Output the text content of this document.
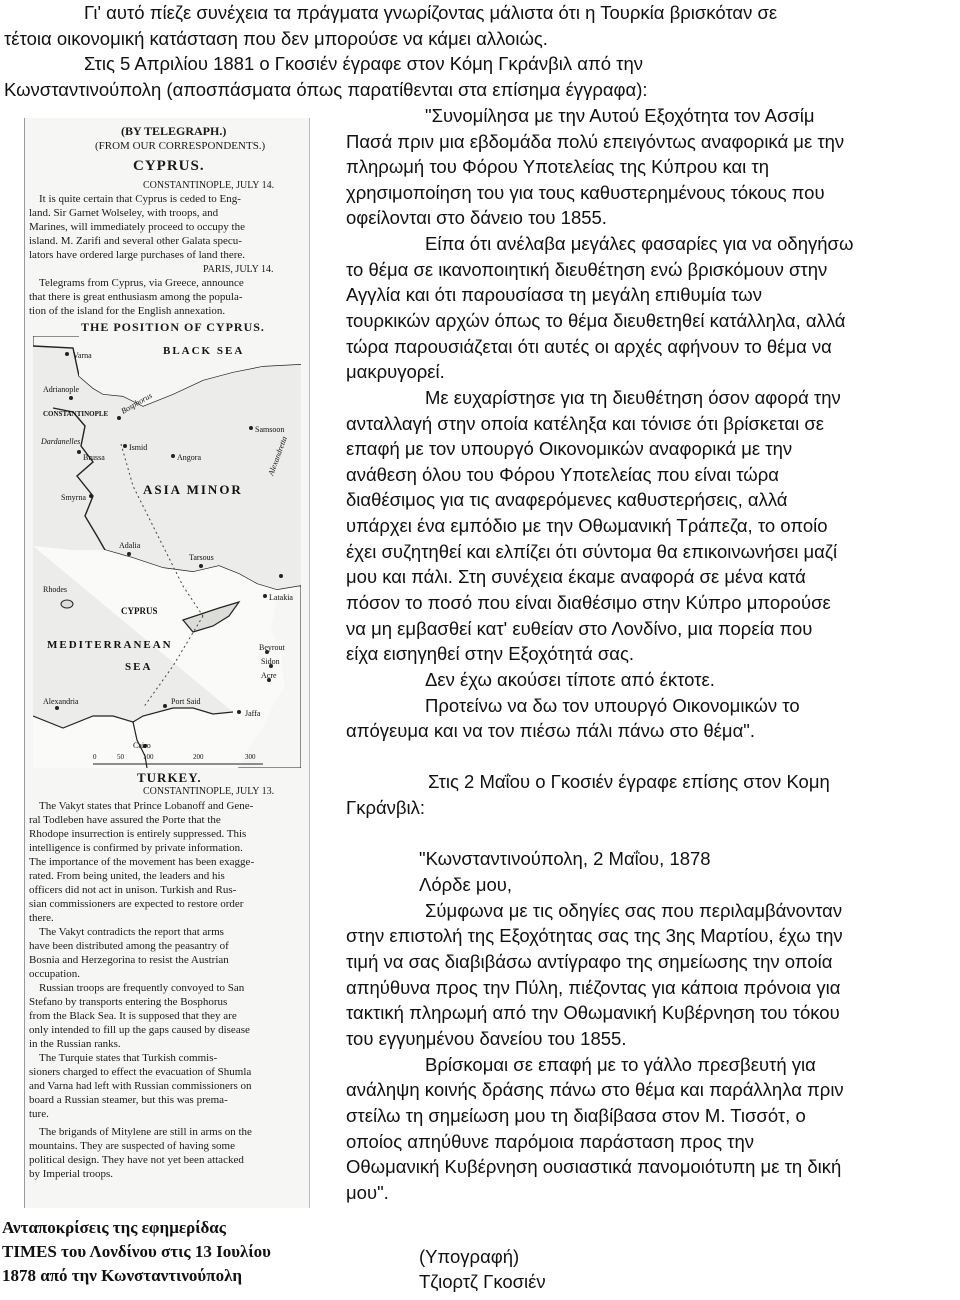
Γι' αυτό πίεζε συνέχεια τα πράγματα γνωρίζοντας μάλιστα ότι η Τουρκία βρισκόταν σε
τέτοια οικονομική κατάσταση που δεν μπορούσε να κάμει αλλοιώς.
Στις 5 Απριλίου 1881 ο Γκοσιέν έγραφε στον Κόμη Γκράνβιλ από την
Κωνσταντινούπολη (αποσπάσματα όπως παρατίθενται στα επίσημα έγγραφα):
"Συνομίλησα με την Αυτού Εξοχότητα τον Ασσίμ
Πασά πριν μια εβδομάδα πολύ επειγόντως αναφορικά με την
πληρωμή του Φόρου Υποτελείας της Κύπρου και τη
χρησιμοποίηση του για τους καθυστερημένους τόκους που
οφείλονται στο δάνειο του 1855.
Είπα ότι ανέλαβα μεγάλες φασαρίες για να οδηγήσω
το θέμα σε ικανοποιητική διευθέτηση ενώ βρισκόμουν στην
Αγγλία και ότι παρουσίασα τη μεγάλη επιθυμία των
τουρκικών αρχών όπως το θέμα διευθετηθεί κατάλληλα, αλλά
τώρα παρουσιάζεται ότι αυτές οι αρχές αφήνουν το θέμα να
μακρυγορεί.
Με ευχαρίστησε για τη διευθέτηση όσον αφορά την
ανταλλαγή στην οποία κατέληξα και τόνισε ότι βρίσκεται σε
επαφή με τον υπουργό Οικονομικών αναφορικά με την
ανάθεση όλου του Φόρου Υποτελείας που είναι τώρα
διαθέσιμος για τις αναφερόμενες καθυστερήσεις, αλλά
υπάρχει ένα εμπόδιο με την Οθωμανική Τράπεζα, το οποίο
έχει συζητηθεί και ελπίζει ότι σύντομα θα επικοινωνήσει μαζί
μου και πάλι. Στη συνέχεια έκαμε αναφορά σε μένα κατά
πόσον το ποσό που είναι διαθέσιμο στην Κύπρο μπορούσε
να μη εμβασθεί κατ' ευθείαν στο Λονδίνο, μια πορεία που
είχα εισηγηθεί στην Εξοχότητά σας.
Δεν έχω ακούσει τίποτε από έκτοτε.
Προτείνω να δω τον υπουργό Οικονομικών το
απόγευμα και να τον πιέσω πάλι πάνω στο θέμα".
Στις 2 Μαΐου ο Γκοσιέν έγραφε επίσης στον Κομη
Γκράνβιλ:
"Κωνσταντινούπολη, 2 Μαΐου, 1878
Λόρδε μου,
Σύμφωνα με τις οδηγίες σας που περιλαμβάνονταν
στην επιστολή της Εξοχότητας σας της 3ης Μαρτίου, έχω την
τιμή να σας διαβιβάσω αντίγραφο της σημείωσης την οποία
απηύθυνα προς την Πύλη, πιέζοντας για κάποια πρόνοια για
τακτική πληρωμή από την Οθωμανική Κυβέρνηση του τόκου
του εγγυημένου δανείου του 1855.
Βρίσκομαι σε επαφή με το γάλλο πρεσβευτή για
ανάληψη κοινής δράσης πάνω στο θέμα και παράλληλα πριν
στείλω τη σημείωση μου τη διαβίβασα στον Μ. Τισσότ, ο
οποίος απηύθυνε παρόμοια παράσταση προς την
Οθωμανική Κυβέρνηση ουσιαστικά πανομοιότυπη με τη δική
μου".
(Υπογραφή)
Τζιορτζ Γκοσιέν
(BY TELEGRAPH.)
(FROM OUR CORRESPONDENTS.)
CYPRUS.
CONSTANTINOPLE, JULY 14.
It is quite certain that Cyprus is ceded to Eng-
land. Sir Garnet Wolseley, with troops, and
Marines, will immediately proceed to occupy the
island. M. Zarifi and several other Galata specu-
lators have ordered large purchases of land there.
PARIS, JULY 14.
Telegrams from Cyprus, via Greece, announce
that there is great enthusiasm among the popula-
tion of the island for the English annexation.
THE POSITION OF CYPRUS.
Varna	BLACK SEA
Adrianople
CONSTANTINOPLE Bosphorus
Samsoon
Ismid
Brussa	Angora
Dardanelles
Smyrna
ASIA MINOR
Adalia
Tarsous
Rhodes
CYPRUS
Latakia
MEDITERRANEAN
SEA
Beyrout
Sidon
Acre
Alexandria	Port Said
Jaffa
Cairo
Alexandretta
0	50	100	200	300
TURKEY.
CONSTANTINOPLE, JULY 13.
The Vakyt states that Prince Lobanoff and Gene-
ral Todleben have assured the Porte that the
Rhodope insurrection is entirely suppressed. This
intelligence is confirmed by private information.
The importance of the movement has been exagge-
rated. From being united, the leaders and his
officers did not act in unison. Turkish and Rus-
sian commissioners are expected to restore order
there.
The Vakyt contradicts the report that arms
have been distributed among the peasantry of
Bosnia and Herzegorina to resist the Austrian
occupation.
Russian troops are frequently convoyed to San
Stefano by transports entering the Bosphorus
from the Black Sea. It is supposed that they are
only intended to fill up the gaps caused by disease
in the Russian ranks.
The Turquie states that Turkish commis-
sioners charged to effect the evacuation of Shumla
and Varna had left with Russian commissioners on
board a Russian steamer, but this was prema-
ture.
The brigands of Mitylene are still in arms on the
mountains. They are suspected of having some
political design. They have not yet been attacked
by Imperial troops.
Ανταποκρίσεις της εφημερίδας
TIMES του Λονδίνου στις 13 Ιουλίου
1878 από την Κωνσταντινούπολη
